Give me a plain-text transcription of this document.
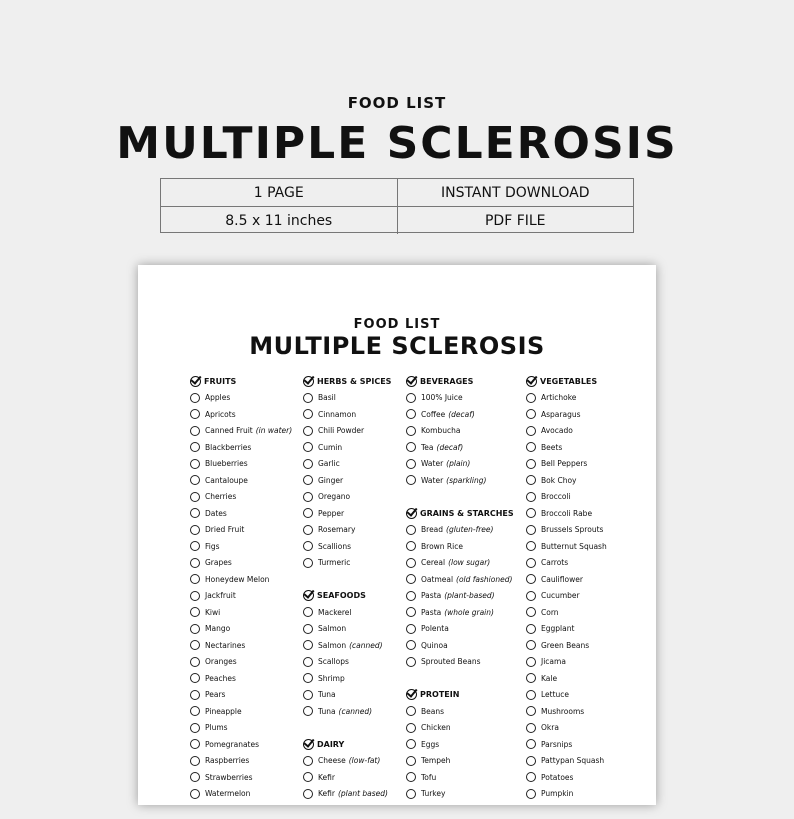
FOOD LIST
MULTIPLE SCLEROSIS
1 PAGE	INSTANT DOWNLOAD
8.5 x 11 inches	PDF FILE
FOOD LIST
MULTIPLE SCLEROSIS
FRUITS
Apples
Apricots
Canned Fruit (in water)
Blackberries
Blueberries
Cantaloupe
Cherries
Dates
Dried Fruit
Figs
Grapes
Honeydew Melon
Jackfruit
Kiwi
Mango
Nectarines
Oranges
Peaches
Pears
Pineapple
Plums
Pomegranates
Raspberries
Strawberries
Watermelon
HERBS & SPICES
Basil
Cinnamon
Chili Powder
Cumin
Garlic
Ginger
Oregano
Pepper
Rosemary
Scallions
Turmeric
SEAFOODS
Mackerel
Salmon
Salmon (canned)
Scallops
Shrimp
Tuna
Tuna (canned)
DAIRY
Cheese (low-fat)
Kefir
Kefir (plant based)
BEVERAGES
100% Juice
Coffee (decaf)
Kombucha
Tea (decaf)
Water (plain)
Water (sparkling)
GRAINS & STARCHES
Bread (gluten-free)
Brown Rice
Cereal (low sugar)
Oatmeal (old fashioned)
Pasta (plant-based)
Pasta (whole grain)
Polenta
Quinoa
Sprouted Beans
PROTEIN
Beans
Chicken
Eggs
Tempeh
Tofu
Turkey
VEGETABLES
Artichoke
Asparagus
Avocado
Beets
Bell Peppers
Bok Choy
Broccoli
Broccoli Rabe
Brussels Sprouts
Butternut Squash
Carrots
Cauliflower
Cucumber
Corn
Eggplant
Green Beans
Jicama
Kale
Lettuce
Mushrooms
Okra
Parsnips
Pattypan Squash
Potatoes
Pumpkin
